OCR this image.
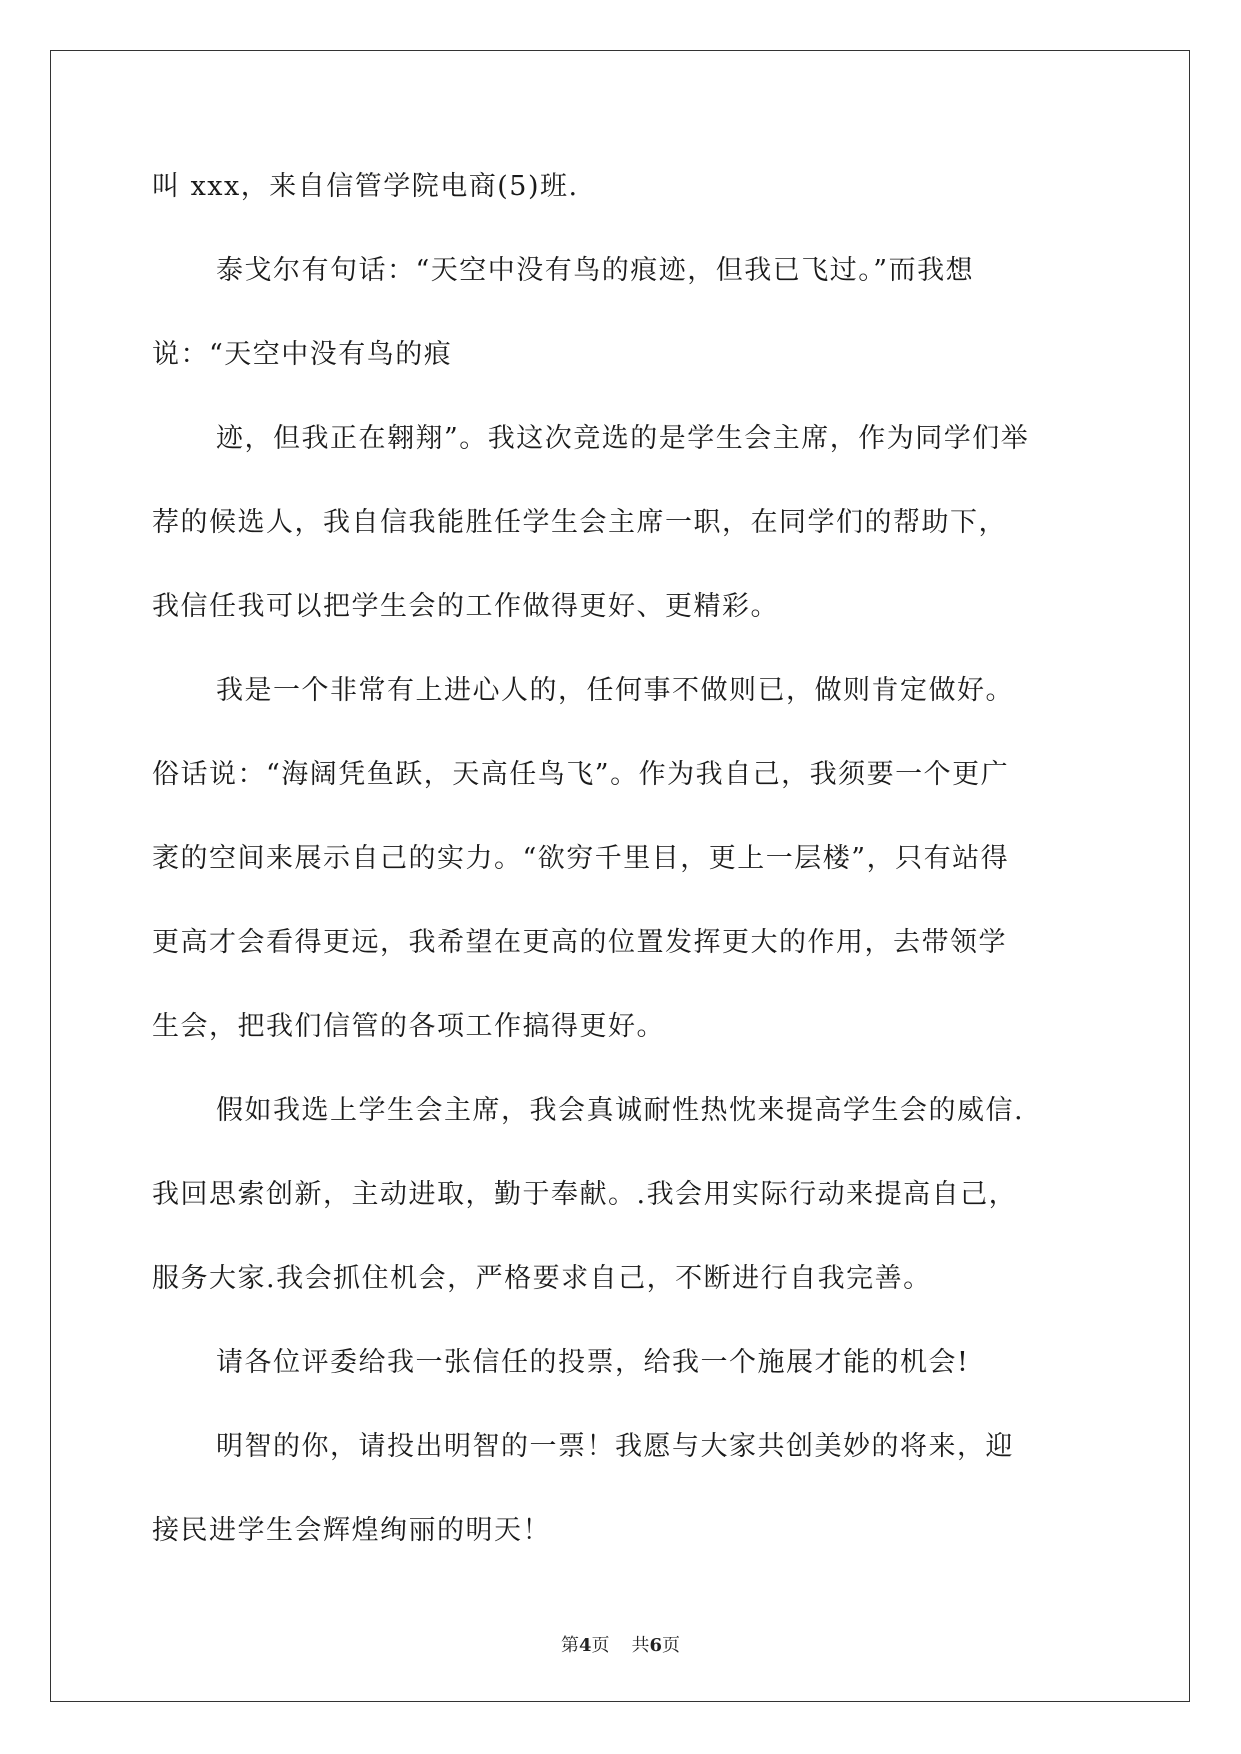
叫 xxx，来自信管学院电商(5)班.
泰戈尔有句话：“天空中没有鸟的痕迹，但我已飞过。”而我想
说：“天空中没有鸟的痕
迹，但我正在翱翔”。我这次竞选的是学生会主席，作为同学们举
荐的候选人，我自信我能胜任学生会主席一职，在同学们的帮助下，
我信任我可以把学生会的工作做得更好、更精彩。
我是一个非常有上进心人的，任何事不做则已，做则肯定做好。
俗话说：“海阔凭鱼跃，天高任鸟飞”。作为我自己，我须要一个更广
袤的空间来展示自己的实力。“欲穷千里目，更上一层楼”，只有站得
更高才会看得更远，我希望在更高的位置发挥更大的作用，去带领学
生会，把我们信管的各项工作搞得更好。
假如我选上学生会主席，我会真诚耐性热忱来提高学生会的威信.
我回思索创新，主动进取，勤于奉献。.我会用实际行动来提高自己，
服务大家.我会抓住机会，严格要求自己，不断进行自我完善。
请各位评委给我一张信任的投票，给我一个施展才能的机会!
明智的你，请投出明智的一票！我愿与大家共创美妙的将来，迎
接民进学生会辉煌绚丽的明天！
第4页 共6页
